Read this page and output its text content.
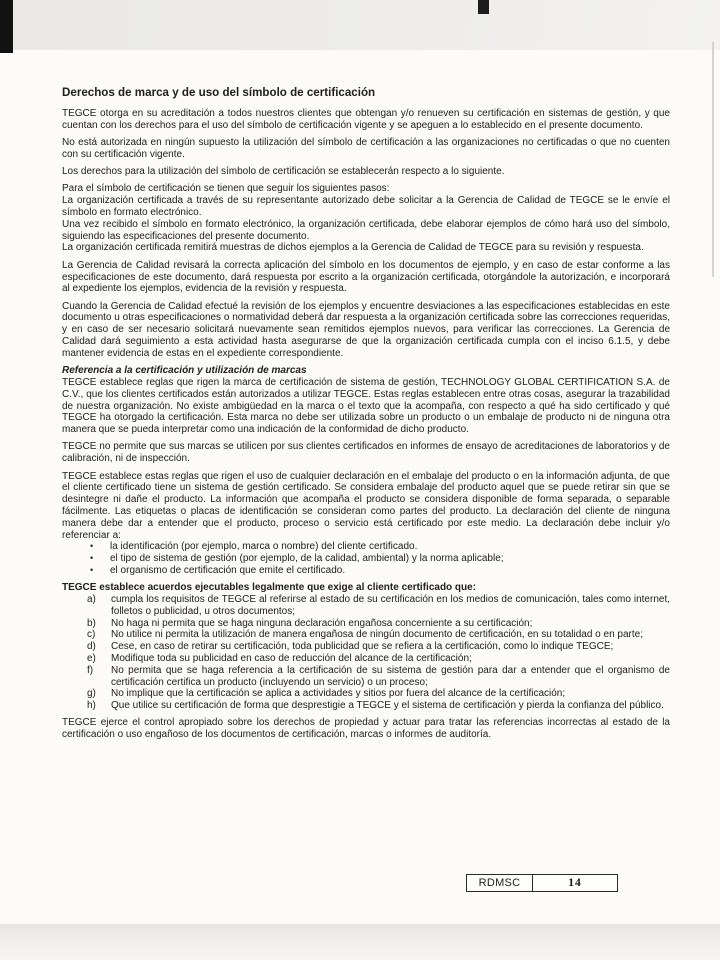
Derechos de marca y de uso del símbolo de certificación
TEGCE otorga en su acreditación a todos nuestros clientes que obtengan y/o renueven su certificación en sistemas de gestión, y que cuentan con los derechos para el uso del símbolo de certificación vigente y se apeguen a lo establecido en el presente documento.
No está autorizada en ningún supuesto la utilización del símbolo de certificación a las organizaciones no certificadas o que no cuenten con su certificación vigente.
Los derechos para la utilización del símbolo de certificación se establecerán respecto a lo siguiente.
Para el símbolo de certificación se tienen que seguir los siguientes pasos:
La organización certificada a través de su representante autorizado debe solicitar a la Gerencia de Calidad de TEGCE se le envíe el símbolo en formato electrónico.
Una vez recibido el símbolo en formato electrónico, la organización certificada, debe elaborar ejemplos de cómo hará uso del símbolo, siguiendo las especificaciones del presente documento.
La organización certificada remitirá muestras de dichos ejemplos a la Gerencia de Calidad de TEGCE para su revisión y respuesta.
La Gerencia de Calidad revisará la correcta aplicación del símbolo en los documentos de ejemplo, y en caso de estar conforme a las especificaciones de este documento, dará respuesta por escrito a la organización certificada, otorgándole la autorización, e incorporará al expediente los ejemplos, evidencia de la revisión y respuesta.
Cuando la Gerencia de Calidad efectué la revisión de los ejemplos y encuentre desviaciones a las especificaciones establecidas en este documento u otras especificaciones o normatividad deberá dar respuesta a la organización certificada sobre las correcciones requeridas, y en caso de ser necesario solicitará nuevamente sean remitidos ejemplos nuevos, para verificar las correcciones. La Gerencia de Calidad dará seguimiento a esta actividad hasta asegurarse de que la organización certificada cumpla con el inciso 6.1.5, y debe mantener evidencia de estas en el expediente correspondiente.
Referencia a la certificación y utilización de marcas
TEGCE establece reglas que rigen la marca de certificación de sistema de gestión, TECHNOLOGY GLOBAL CERTIFICATION S.A. de C.V., que los clientes certificados están autorizados a utilizar TEGCE. Estas reglas establecen entre otras cosas, asegurar la trazabilidad de nuestra organización. No existe ambigüedad en la marca o el texto que la acompaña, con respecto a qué ha sido certificado y qué TEGCE ha otorgado la certificación. Esta marca no debe ser utilizada sobre un producto o un embalaje de producto ni de ninguna otra manera que se pueda interpretar como una indicación de la conformidad de dicho producto.
TEGCE no permite que sus marcas se utilicen por sus clientes certificados en informes de ensayo de acreditaciones de laboratorios y de calibración, ni de inspección.
TEGCE establece estas reglas que rigen el uso de cualquier declaración en el embalaje del producto o en la información adjunta, de que el cliente certificado tiene un sistema de gestión certificado. Se considera embalaje del producto aquel que se puede retirar sin que se desintegre ni dañe el producto. La información que acompaña el producto se considera disponible de forma separada, o separable fácilmente. Las etiquetas o placas de identificación se consideran como partes del producto. La declaración del cliente de ninguna manera debe dar a entender que el producto, proceso o servicio está certificado por este medio. La declaración debe incluir y/o referenciar a:
•	la identificación (por ejemplo, marca o nombre) del cliente certificado.
•	el tipo de sistema de gestión (por ejemplo, de la calidad, ambiental) y la norma aplicable;
•	el organismo de certificación que emite el certificado.
TEGCE establece acuerdos ejecutables legalmente que exige al cliente certificado que:
a)	cumpla los requisitos de TEGCE al referirse al estado de su certificación en los medios de comunicación, tales como internet, folletos o publicidad, u otros documentos;
b)	No haga ni permita que se haga ninguna declaración engañosa concerniente a su certificación;
c)	No utilice ni permita la utilización de manera engañosa de ningún documento de certificación, en su totalidad o en parte;
d)	Cese, en caso de retirar su certificación, toda publicidad que se refiera a la certificación, como lo indique TEGCE;
e)	Modifique toda su publicidad en caso de reducción del alcance de la certificación;
f)	No permita que se haga referencia a la certificación de su sistema de gestión para dar a entender que el organismo de certificación certifica un producto (incluyendo un servicio) o un proceso;
g)	No implique que la certificación se aplica a actividades y sitios por fuera del alcance de la certificación;
h)	Que utilice su certificación de forma que desprestigie a TEGCE y el sistema de certificación y pierda la confianza del público.
TEGCE ejerce el control apropiado sobre los derechos de propiedad y actuar para tratar las referencias incorrectas al estado de la certificación o uso engañoso de los documentos de certificación, marcas o informes de auditoría.
RDMSC	14
